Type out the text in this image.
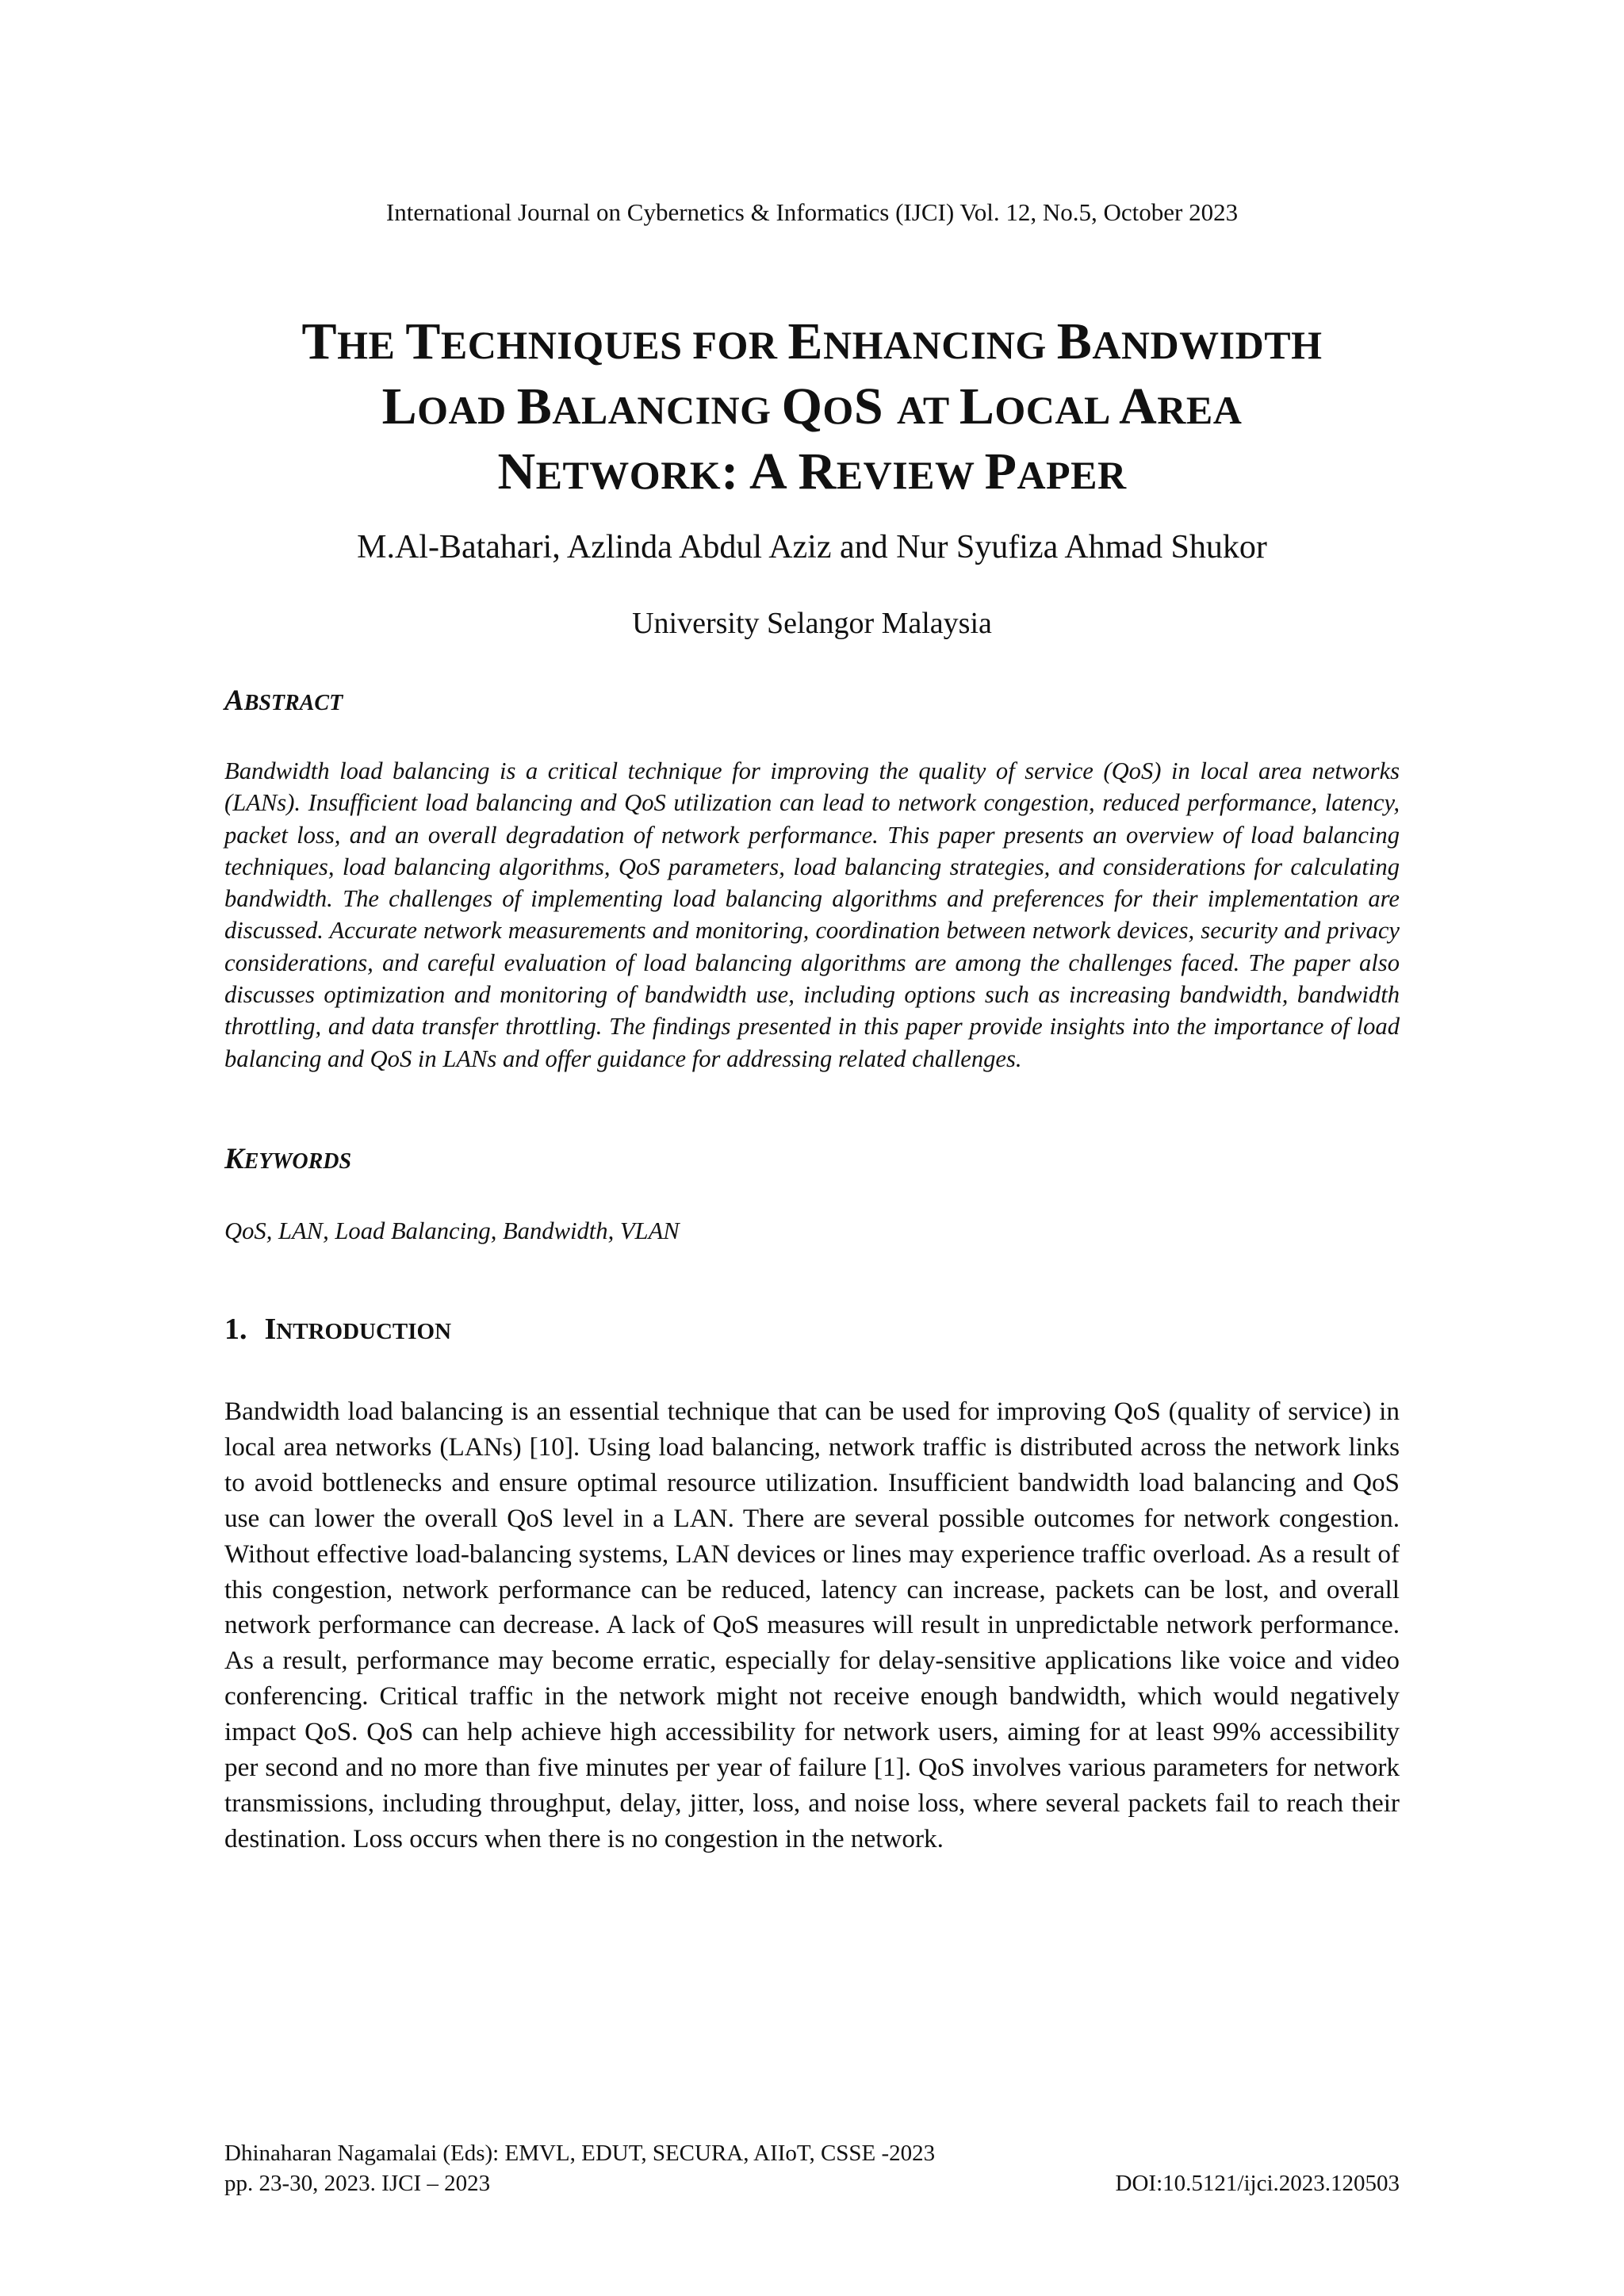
International Journal on Cybernetics & Informatics (IJCI) Vol. 12, No.5, October 2023
THE TECHNIQUES FOR ENHANCING BANDWIDTH
LOAD BALANCING QOS AT LOCAL AREA
NETWORK: A REVIEW PAPER
M.Al-Batahari, Azlinda Abdul Aziz and Nur Syufiza Ahmad Shukor
University Selangor Malaysia
ABSTRACT
Bandwidth load balancing is a critical technique for improving the quality of service (QoS) in local area networks (LANs). Insufficient load balancing and QoS utilization can lead to network congestion, reduced performance, latency, packet loss, and an overall degradation of network performance. This paper presents an overview of load balancing techniques, load balancing algorithms, QoS parameters, load balancing strategies, and considerations for calculating bandwidth. The challenges of implementing load balancing algorithms and preferences for their implementation are discussed. Accurate network measurements and monitoring, coordination between network devices, security and privacy considerations, and careful evaluation of load balancing algorithms are among the challenges faced. The paper also discusses optimization and monitoring of bandwidth use, including options such as increasing bandwidth, bandwidth throttling, and data transfer throttling. The findings presented in this paper provide insights into the importance of load balancing and QoS in LANs and offer guidance for addressing related challenges.
KEYWORDS
QoS, LAN, Load Balancing, Bandwidth, VLAN
1. INTRODUCTION
Bandwidth load balancing is an essential technique that can be used for improving QoS (quality of service) in local area networks (LANs) [10]. Using load balancing, network traffic is distributed across the network links to avoid bottlenecks and ensure optimal resource utilization. Insufficient bandwidth load balancing and QoS use can lower the overall QoS level in a LAN. There are several possible outcomes for network congestion. Without effective load-balancing systems, LAN devices or lines may experience traffic overload. As a result of this congestion, network performance can be reduced, latency can increase, packets can be lost, and overall network performance can decrease. A lack of QoS measures will result in unpredictable network performance. As a result, performance may become erratic, especially for delay-sensitive applications like voice and video conferencing. Critical traffic in the network might not receive enough bandwidth, which would negatively impact QoS. QoS can help achieve high accessibility for network users, aiming for at least 99% accessibility per second and no more than five minutes per year of failure [1]. QoS involves various parameters for network transmissions, including throughput, delay, jitter, loss, and noise loss, where several packets fail to reach their destination. Loss occurs when there is no congestion in the network.
Dhinaharan Nagamalai (Eds): EMVL, EDUT, SECURA, AIIoT, CSSE -2023
pp. 23-30, 2023. IJCI – 2023	DOI:10.5121/ijci.2023.120503
